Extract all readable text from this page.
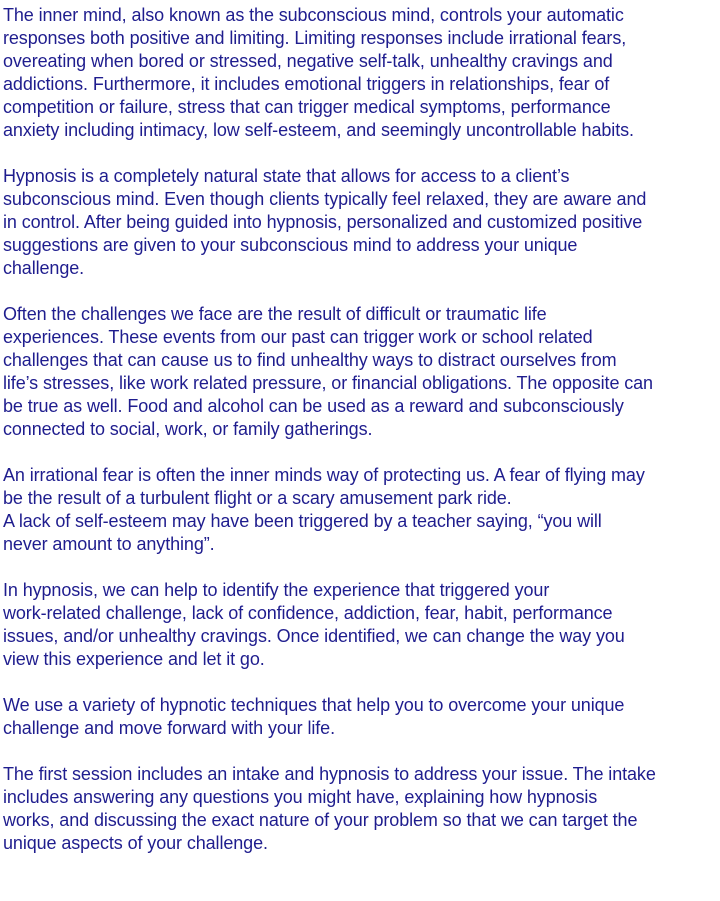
The inner mind, also known as the subconscious mind, controls your automatic
responses both positive and limiting. Limiting responses include irrational fears,
overeating when bored or stressed, negative self-talk, unhealthy cravings and
addictions. Furthermore, it includes emotional triggers in relationships, fear of
competition or failure, stress that can trigger medical symptoms, performance
anxiety including intimacy, low self-esteem, and seemingly uncontrollable habits.

Hypnosis is a completely natural state that allows for access to a client’s
subconscious mind. Even though clients typically feel relaxed, they are aware and
in control. After being guided into hypnosis, personalized and customized positive
suggestions are given to your subconscious mind to address your unique
challenge.

Often the challenges we face are the result of difficult or traumatic life
experiences. These events from our past can trigger work or school related
challenges that can cause us to find unhealthy ways to distract ourselves from
life’s stresses, like work related pressure, or financial obligations. The opposite can
be true as well. Food and alcohol can be used as a reward and subconsciously
connected to social, work, or family gatherings.

An irrational fear is often the inner minds way of protecting us. A fear of flying may
be the result of a turbulent flight or a scary amusement park ride.
A lack of self-esteem may have been triggered by a teacher saying, “you will
never amount to anything”.

In hypnosis, we can help to identify the experience that triggered your
work-related challenge, lack of confidence, addiction, fear, habit, performance
issues, and/or unhealthy cravings. Once identified, we can change the way you
view this experience and let it go.

We use a variety of hypnotic techniques that help you to overcome your unique
challenge and move forward with your life.

The first session includes an intake and hypnosis to address your issue. The intake
includes answering any questions you might have, explaining how hypnosis
works, and discussing the exact nature of your problem so that we can target the
unique aspects of your challenge.
